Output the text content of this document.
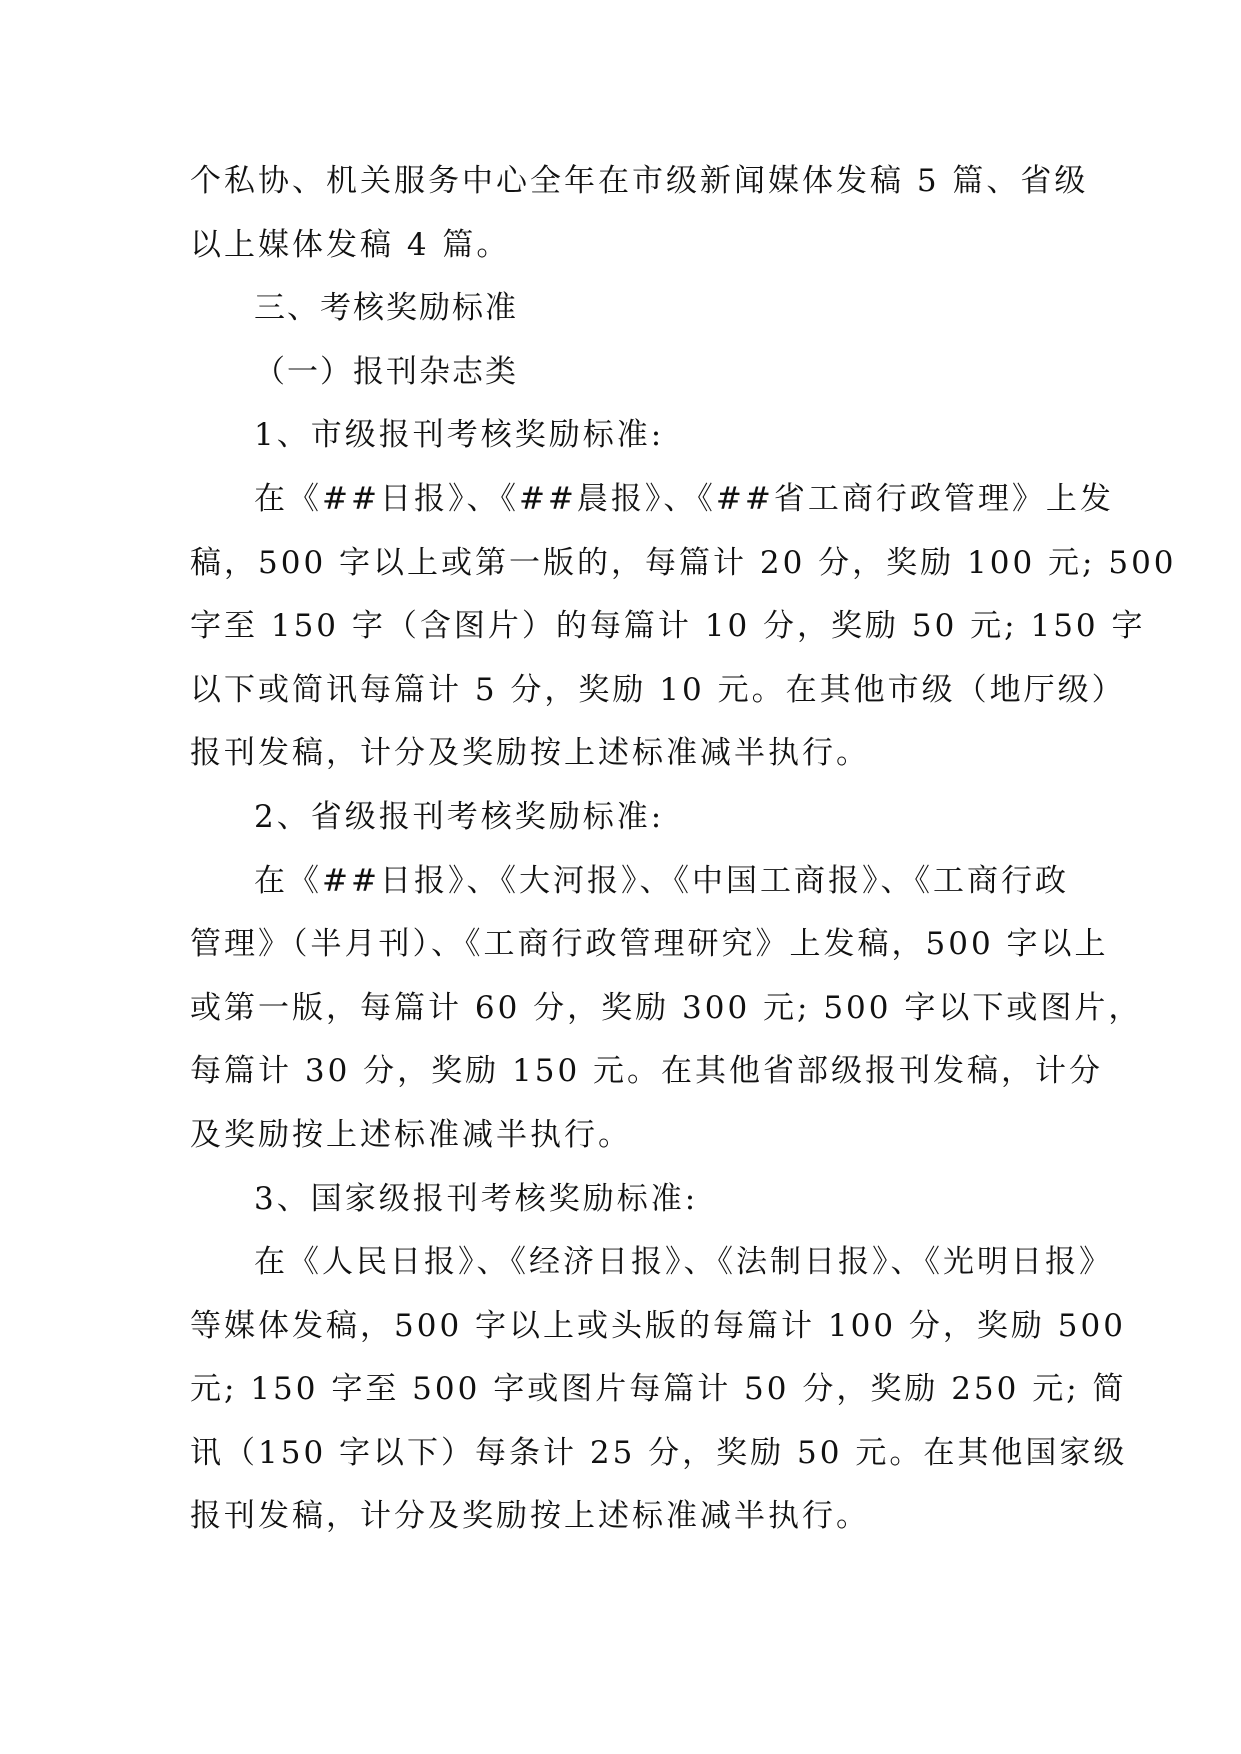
个私协、机关服务中心全年在市级新闻媒体发稿 5 篇、省级
以上媒体发稿 4 篇。
三、考核奖励标准
（一）报刊杂志类
1、市级报刊考核奖励标准:
在《##日报》、《##晨报》、《##省工商行政管理》上发
稿，500 字以上或第一版的，每篇计 20 分，奖励 100 元; 500
字至 150 字（含图片）的每篇计 10 分，奖励 50 元; 150 字
以下或简讯每篇计 5 分，奖励 10 元。在其他市级（地厅级）
报刊发稿，计分及奖励按上述标准减半执行。
2、省级报刊考核奖励标准:
在《##日报》、《大河报》、《中国工商报》、《工商行政
管理》（半月刊）、《工商行政管理研究》上发稿，500 字以上
或第一版，每篇计 60 分，奖励 300 元; 500 字以下或图片，
每篇计 30 分，奖励 150 元。在其他省部级报刊发稿，计分
及奖励按上述标准减半执行。
3、国家级报刊考核奖励标准:
在《人民日报》、《经济日报》、《法制日报》、《光明日报》
等媒体发稿，500 字以上或头版的每篇计 100 分，奖励 500
元; 150 字至 500 字或图片每篇计 50 分，奖励 250 元; 简
讯（150 字以下）每条计 25 分，奖励 50 元。在其他国家级
报刊发稿，计分及奖励按上述标准减半执行。
